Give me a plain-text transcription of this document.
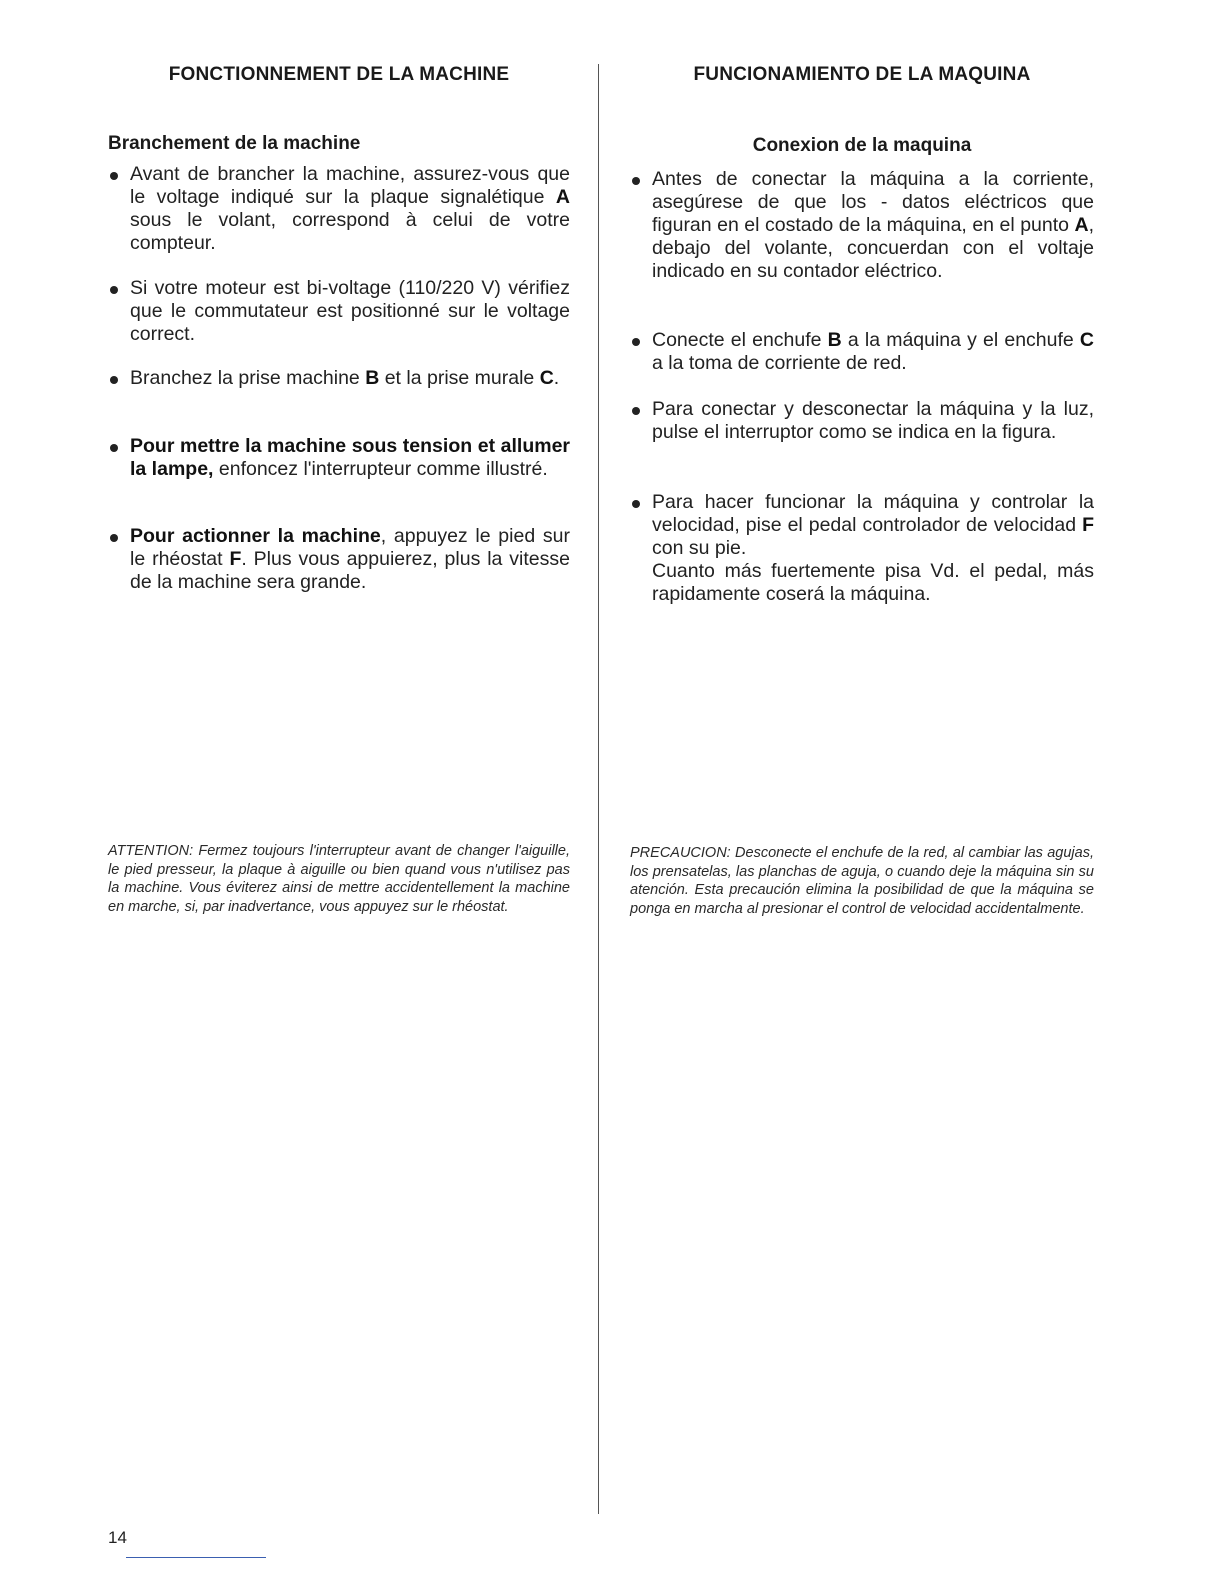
FONCTIONNEMENT DE LA MACHINE
Branchement de la machine
Avant de brancher la machine, assurez-vous que le voltage indiqué sur la plaque signalétique A sous le volant, correspond à celui de votre compteur.
Si votre moteur est bi-voltage (110/220 V) vérifiez que le commutateur est positionné sur le voltage correct.
Branchez la prise machine B et la prise murale C.
Pour mettre la machine sous tension et allumer la lampe, enfoncez l'interrupteur comme illustré.
Pour actionner la machine, appuyez le pied sur le rhéostat F. Plus vous appuierez, plus la vitesse de la machine sera grande.
ATTENTION: Fermez toujours l'interrupteur avant de changer l'aiguille, le pied presseur, la plaque à aiguille ou bien quand vous n'utilisez pas la machine. Vous éviterez ainsi de mettre accidentellement la machine en marche, si, par inadvertance, vous appuyez sur le rhéostat.
FUNCIONAMIENTO DE LA MAQUINA
Conexion de la maquina
Antes de conectar la máquina a la corriente, asegúrese de que los - datos eléctricos que figuran en el costado de la máquina, en el punto A, debajo del volante, concuerdan con el voltaje indicado en su contador eléctrico.
Conecte el enchufe B a la máquina y el enchufe C a la toma de corriente de red.
Para conectar y desconectar la máquina y la luz, pulse el interruptor como se indica en la figura.
Para hacer funcionar la máquina y controlar la velocidad, pise el pedal controlador de velocidad F con su pie.
Cuanto más fuertemente pisa Vd. el pedal, más rapidamente coserá la máquina.
PRECAUCION: Desconecte el enchufe de la red, al cambiar las agujas, los prensatelas, las planchas de aguja, o cuando deje la máquina sin su atención. Esta precaución elimina la posibilidad de que la máquina se ponga en marcha al presionar el control de velocidad accidentalmente.
14
